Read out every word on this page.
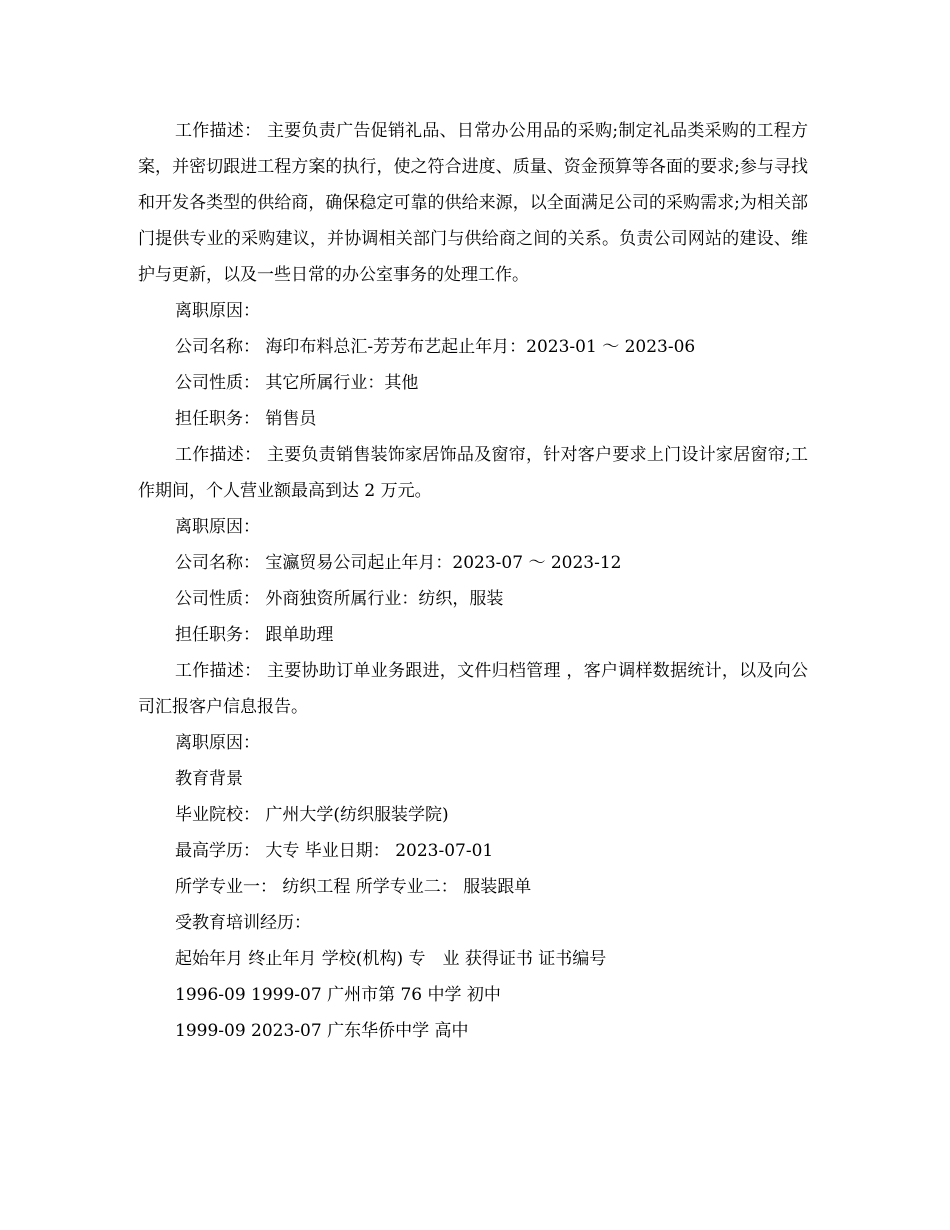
工作描述： 主要负责广告促销礼品、日常办公用品的采购;制定礼品类采购的工程方案，并密切跟进工程方案的执行，使之符合进度、质量、资金预算等各面的要求;参与寻找和开发各类型的供给商，确保稳定可靠的供给来源，以全面满足公司的采购需求;为相关部门提供专业的采购建议，并协调相关部门与供给商之间的关系。负责公司网站的建设、维护与更新，以及一些日常的办公室事务的处理工作。

离职原因：

公司名称： 海印布料总汇-芳芳布艺起止年月：2023-01 ～ 2023-06

公司性质： 其它所属行业：其他

担任职务： 销售员

工作描述： 主要负责销售装饰家居饰品及窗帘，针对客户要求上门设计家居窗帘;工作期间，个人营业额最高到达 2 万元。

离职原因：

公司名称： 宝瀛贸易公司起止年月：2023-07 ～ 2023-12

公司性质： 外商独资所属行业：纺织，服装

担任职务： 跟单助理

工作描述： 主要协助订单业务跟进，文件归档管理 ，客户调样数据统计，以及向公司汇报客户信息报告。

离职原因：

教育背景

毕业院校： 广州大学(纺织服装学院)

最高学历： 大专 毕业日期： 2023-07-01

所学专业一： 纺织工程 所学专业二： 服装跟单

受教育培训经历：

起始年月 终止年月 学校(机构) 专　业 获得证书 证书编号

1996-09 1999-07 广州市第 76 中学 初中

1999-09 2023-07 广东华侨中学 高中
